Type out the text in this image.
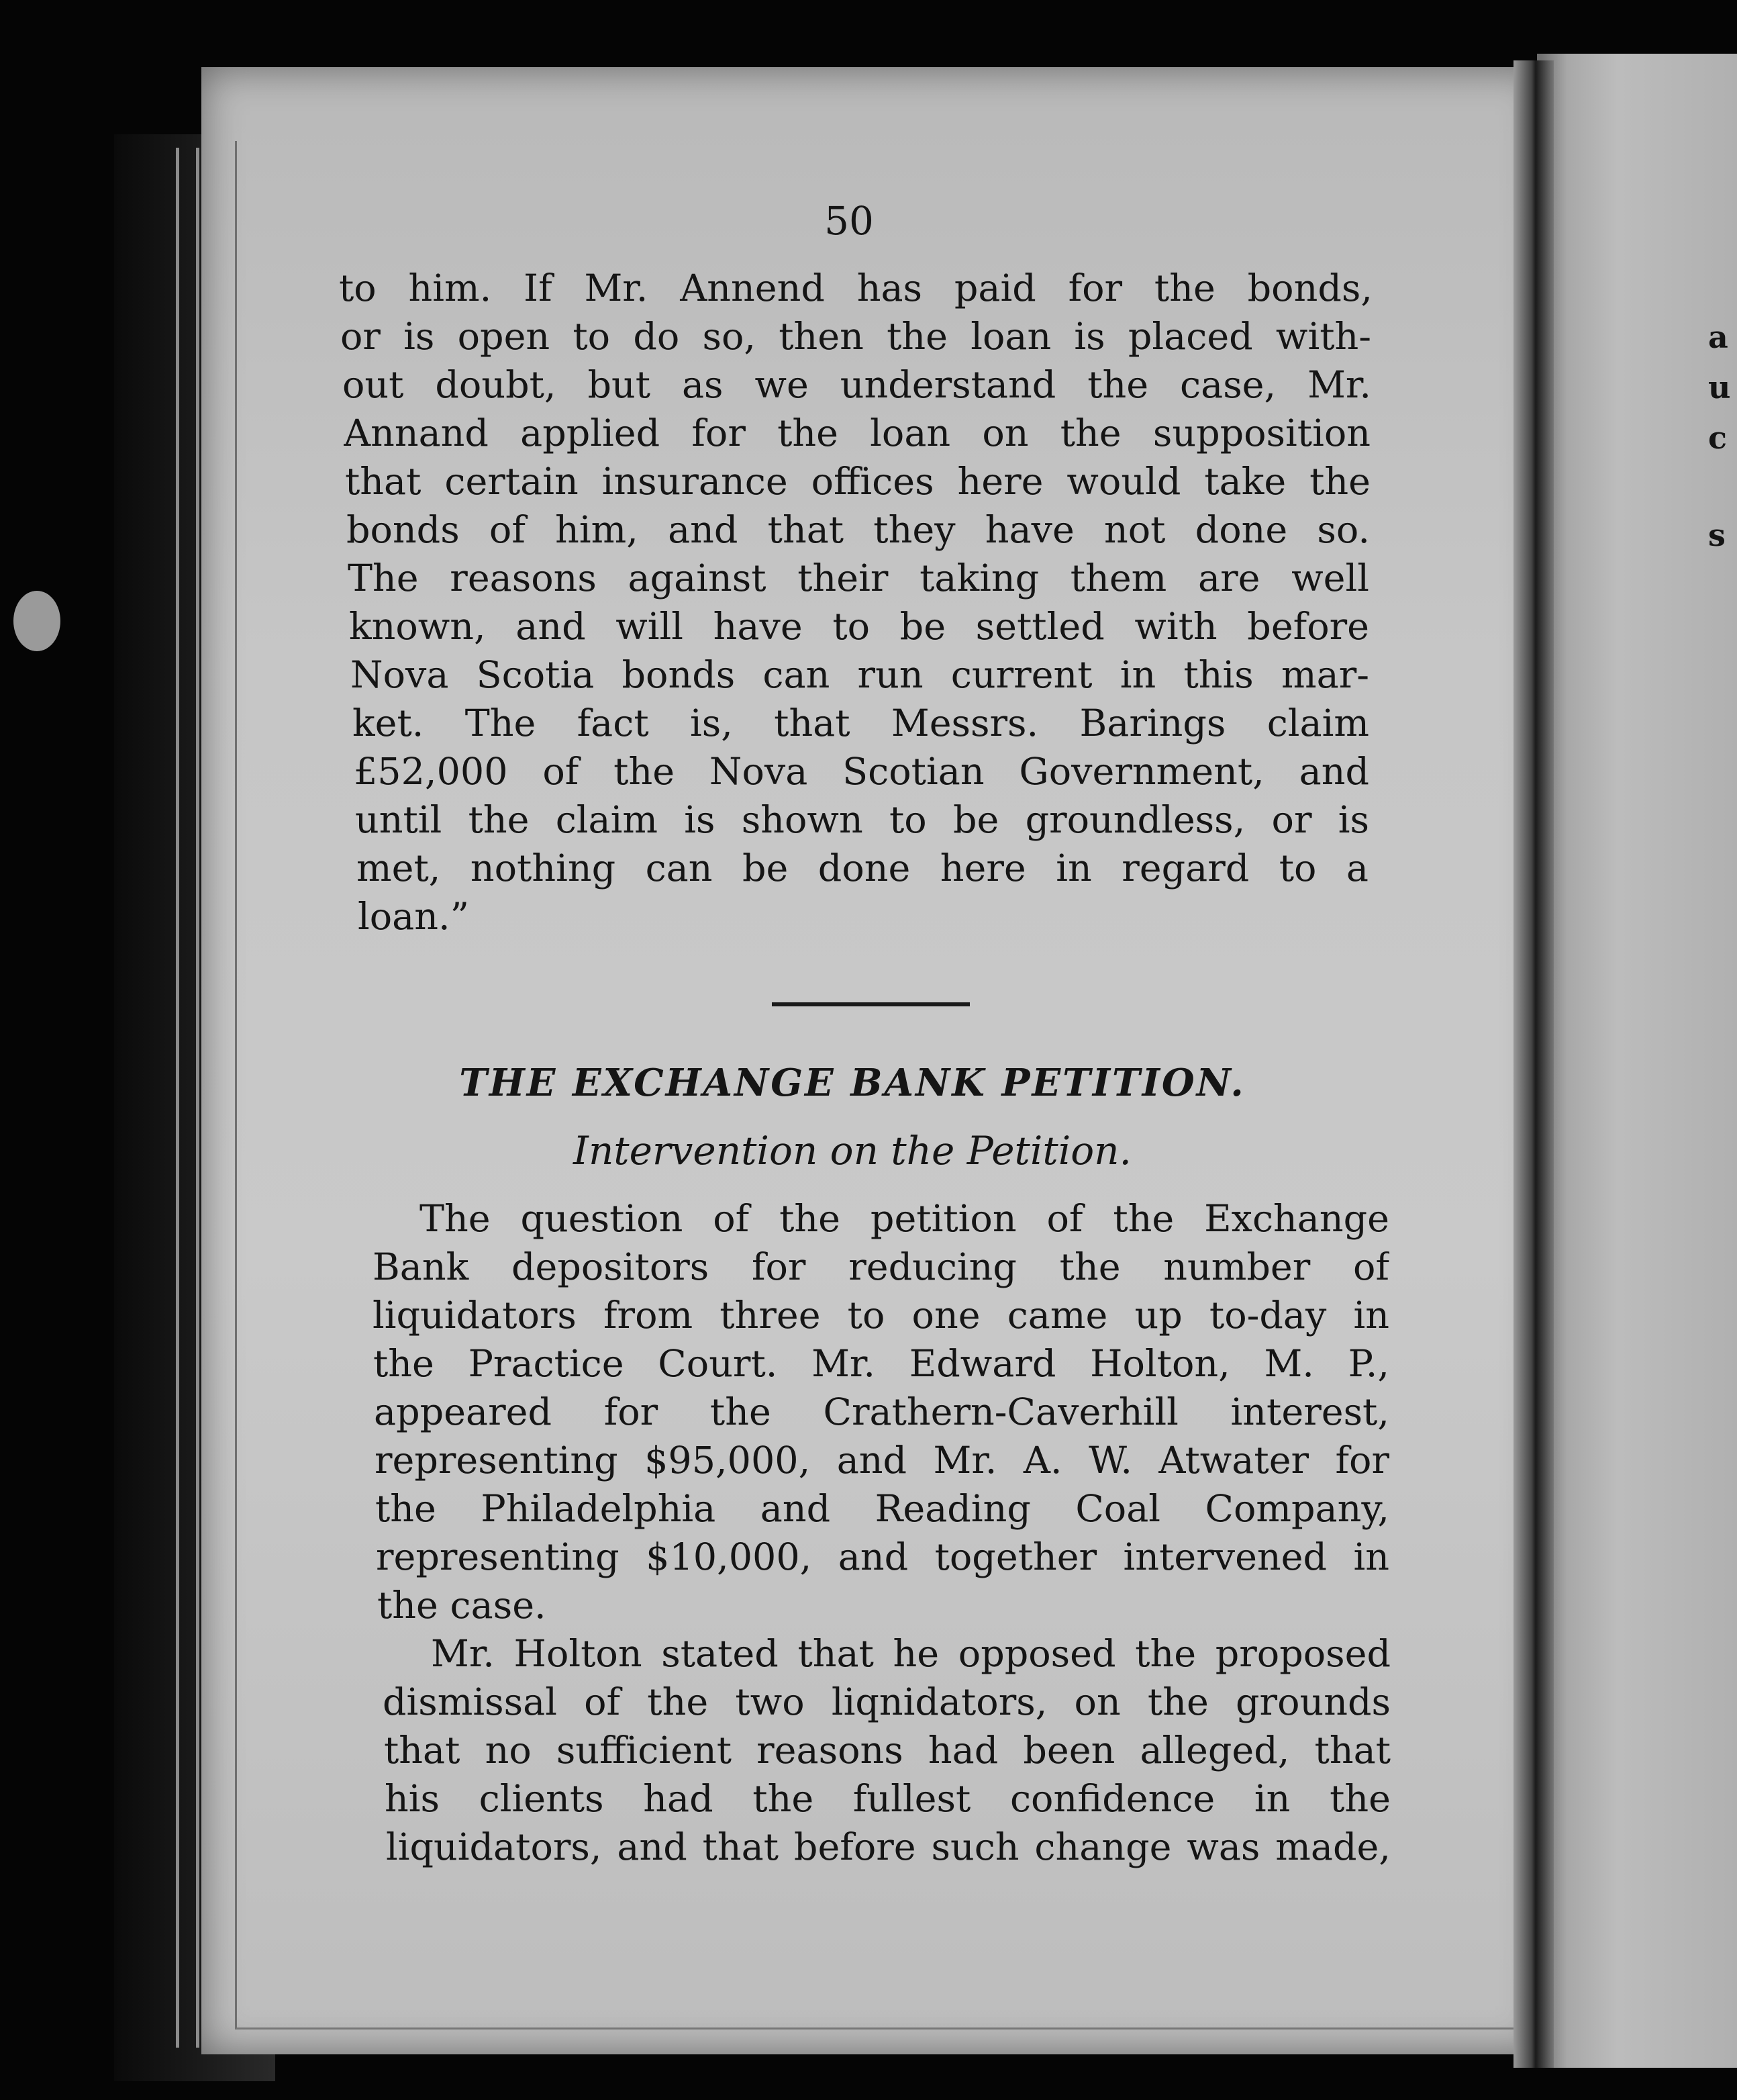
a
u
c
s
50
to him. If Mr. Annend has paid for the bonds,
or is open to do so, then the loan is placed with-
out doubt, but as we understand the case, Mr.
Annand applied for the loan on the supposition
that certain insurance offices here would take the
bonds of him, and that they have not done so.
The reasons against their taking them are well
known, and will have to be settled with before
Nova Scotia bonds can run current in this mar-
ket. The fact is, that Messrs. Barings claim
£52,000 of the Nova Scotian Government, and
until the claim is shown to be groundless, or is
met, nothing can be done here in regard to a
loan.”
THE EXCHANGE BANK PETITION.
Intervention on the Petition.
The question of the petition of the Exchange
Bank depositors for reducing the number of
liquidators from three to one came up to-day in
the Practice Court. Mr. Edward Holton, M. P.,
appeared for the Crathern-Caverhill interest,
representing $95,000, and Mr. A. W. Atwater for
the Philadelphia and Reading Coal Company,
representing $10,000, and together intervened in
the case.
Mr. Holton stated that he opposed the proposed
dismissal of the two liqnidators, on the grounds
that no sufficient reasons had been alleged, that
his clients had the fullest confidence in the
liquidators, and that before such change was made,
